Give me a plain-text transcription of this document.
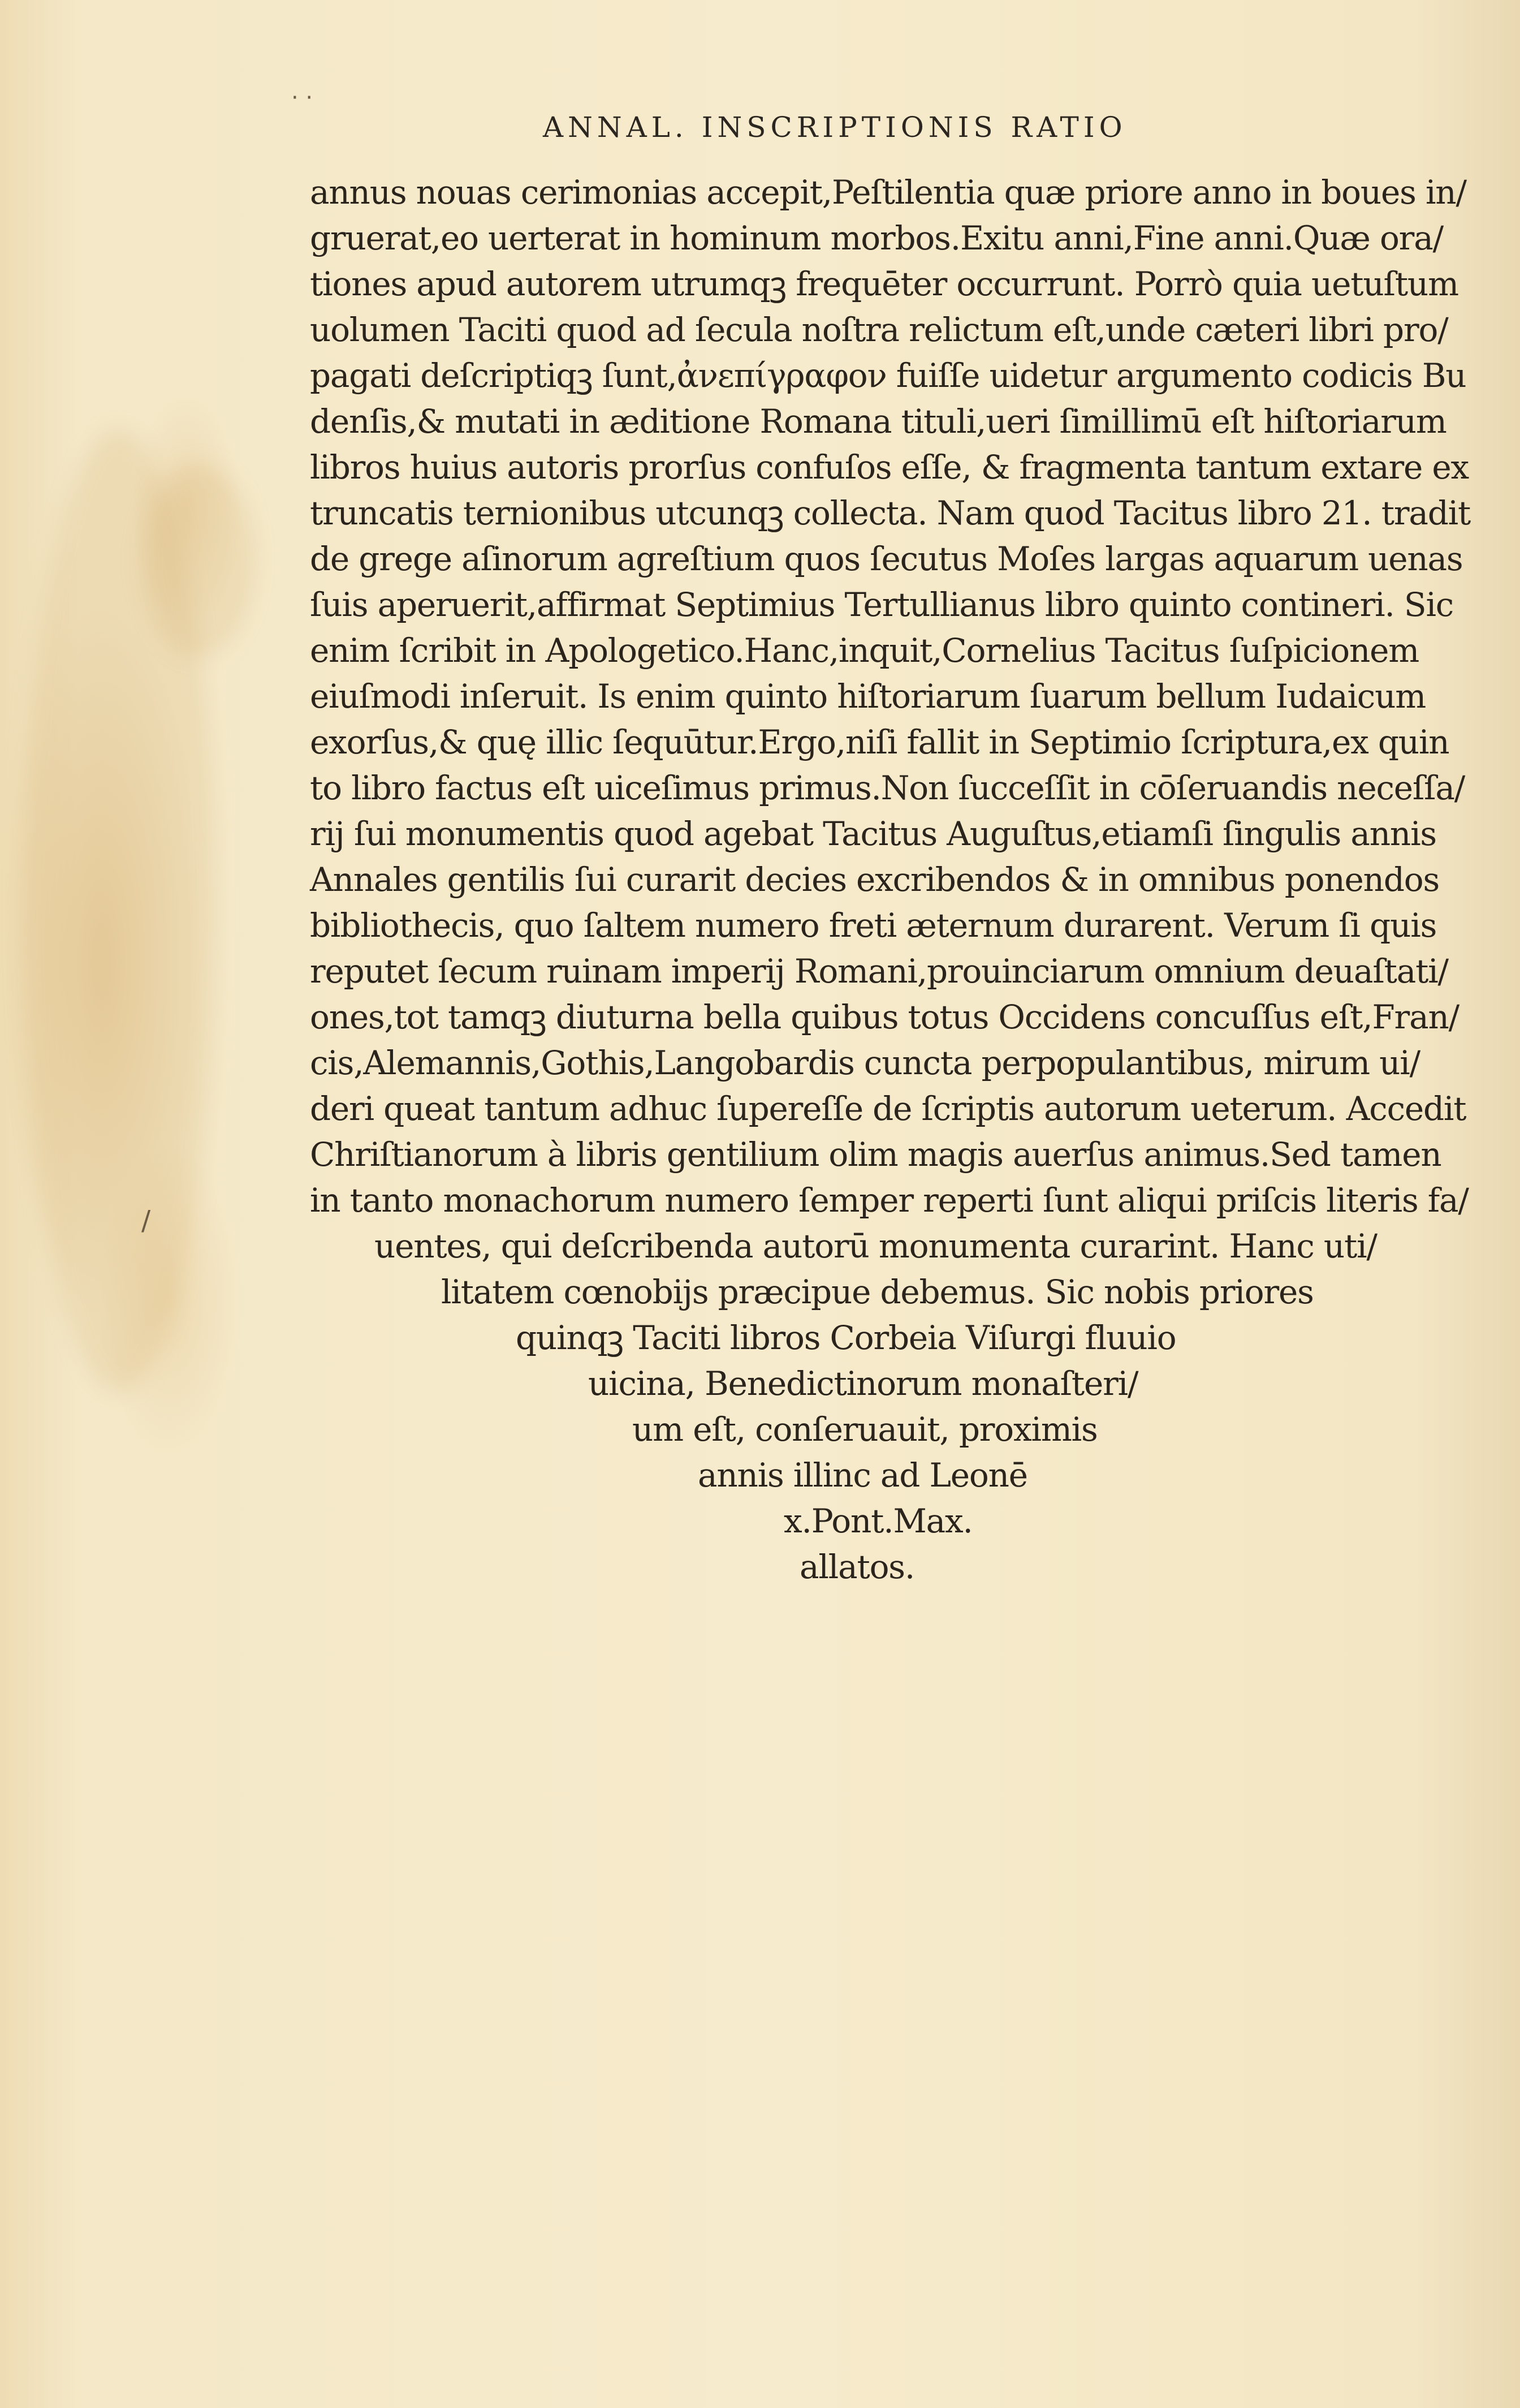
· ·
/
ANNAL. INSCRIPTIONIS RATIO
annus nouas cerimonias accepit,Peſtilentia quæ priore anno in boues in/
gruerat,eo uerterat in hominum morbos.Exitu anni,Fine anni.Quæ ora/
tiones apud autorem utrumqꝫ frequēter occurrunt. Porrò quia uetuſtum
uolumen Taciti quod ad ſecula noſtra relictum eſt,unde cæteri libri pro/
pagati deſcriptiqꝫ ſunt,ἀνεπίγραφον fuiſſe uidetur argumento codicis Bu
denſis,& mutati in æditione Romana tituli,ueri ſimillimū eſt hiſtoriarum
libros huius autoris prorſus confuſos eſſe, & fragmenta tantum extare ex
truncatis ternionibus utcunqꝫ collecta. Nam quod Tacitus libro 21. tradit
de grege aſinorum agreſtium quos ſecutus Moſes largas aquarum uenas
ſuis aperuerit,affirmat Septimius Tertullianus libro quinto contineri. Sic
enim ſcribit in Apologetico.Hanc,inquit,Cornelius Tacitus ſuſpicionem
eiuſmodi inſeruit. Is enim quinto hiſtoriarum ſuarum bellum Iudaicum
exorſus,& quę illic ſequūtur.Ergo,niſi fallit in Septimio ſcriptura,ex quin
to libro factus eſt uiceſimus primus.Non ſucceſſit in cōſeruandis neceſſa/
rij ſui monumentis quod agebat Tacitus Auguſtus,etiamſi ſingulis annis
Annales gentilis ſui curarit decies excribendos & in omnibus ponendos
bibliothecis, quo ſaltem numero freti æternum durarent. Verum ſi quis
reputet ſecum ruinam imperij Romani,prouinciarum omnium deuaſtati/
ones,tot tamqꝫ diuturna bella quibus totus Occidens concuſſus eſt,Fran/
cis,Alemannis,Gothis,Langobardis cuncta perpopulantibus, mirum ui/
deri queat tantum adhuc ſupereſſe de ſcriptis autorum ueterum. Accedit
Chriſtianorum à libris gentilium olim magis auerſus animus.Sed tamen
in tanto monachorum numero ſemper reperti ſunt aliqui priſcis literis fa/
uentes, qui deſcribenda autorū monumenta curarint. Hanc uti/
litatem cœnobijs præcipue debemus. Sic nobis priores
quinqꝫ Taciti libros Corbeia Viſurgi fluuio
uicina, Benedictinorum monaſteri/
um eſt, conſeruauit, proximis
annis illinc ad Leonē
x.Pont.Max.
allatos.
